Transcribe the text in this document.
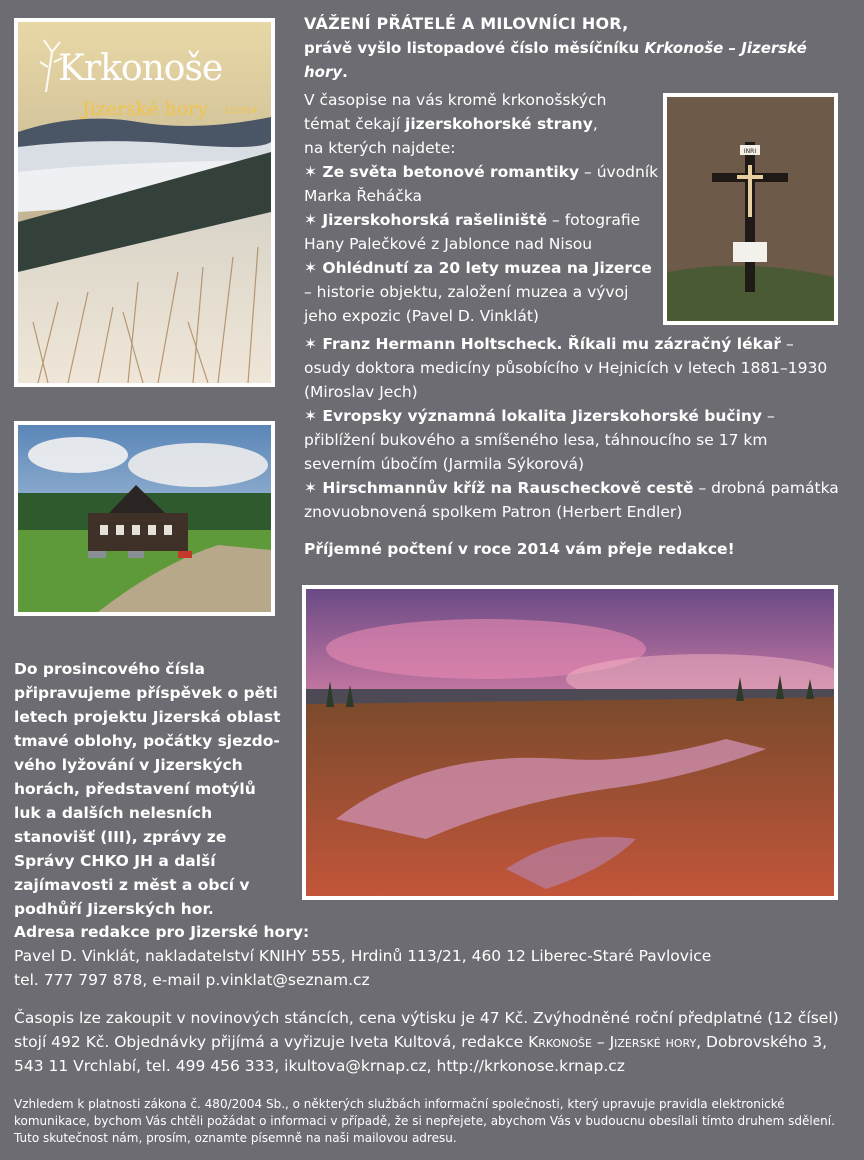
Krkonoše
Jizerské hory 11/2014
INRI
VÁŽENÍ PŘÁTELÉ A MILOVNÍCI HOR,
právě vyšlo listopadové číslo měsíčníku Krkonoše – Jizerské hory.
V časopise na vás kromě krkonošských
témat čekají jizerskohorské strany,
na kterých najdete:
✶ Ze světa betonové romantiky – úvodník Marka Řeháčka
✶ Jizerskohorská rašeliniště – fotografie Hany Palečkové z Jablonce nad Nisou
✶ Ohlédnutí za 20 lety muzea na Jizerce – historie objektu, založení muzea a vývoj jeho expozic (Pavel D. Vinklát)
✶ Franz Hermann Holtscheck. Říkali mu zázračný lékař – osudy doktora medicíny působícího v Hejnicích v letech 1881–1930 (Miroslav Jech)
✶ Evropsky významná lokalita Jizerskohorské bučiny – přiblížení bukového a smíšeného lesa, táhnoucího se 17 km severním úbočím (Jarmila Sýkorová)
✶ Hirschmannův kříž na Rauscheckově cestě – drobná památka znovuobnovená spolkem Patron (Herbert Endler)
Příjemné počtení v roce 2014 vám přeje redakce!
Do prosincového čísla připravujeme příspěvek o pěti letech projektu Jizerská oblast tmavé oblohy, počátky sjezdo-vého lyžování v Jizerských horách, představení motýlů luk a dalších nelesních stanovišť (III), zprávy ze Správy CHKO JH a další zajímavosti z měst a obcí v podhůří Jizerských hor.
Adresa redakce pro Jizerské hory:
Pavel D. Vinklát, nakladatelství KNIHY 555, Hrdinů 113/21, 460 12 Liberec-Staré Pavlovice
tel. 777 797 878, e-mail p.vinklat@seznam.cz
Časopis lze zakoupit v novinových stáncích, cena výtisku je 47 Kč. Zvýhodněné roční předplatné (12 čísel) stojí 492 Kč. Objednávky přijímá a vyřizuje Iveta Kultová, redakce Krkonoše – Jizerské hory, Dobrovského 3, 543 11 Vrchlabí, tel. 499 456 333, ikultova@krnap.cz, http://krkonose.krnap.cz
Vzhledem k platnosti zákona č. 480/2004 Sb., o některých službách informační společnosti, který upravuje pravidla elektronické komunikace, bychom Vás chtěli požádat o informaci v případě, že si nepřejete, abychom Vás v budoucnu obesílali tímto druhem sdělení. Tuto skutečnost nám, prosím, oznamte písemně na naši mailovou adresu.
